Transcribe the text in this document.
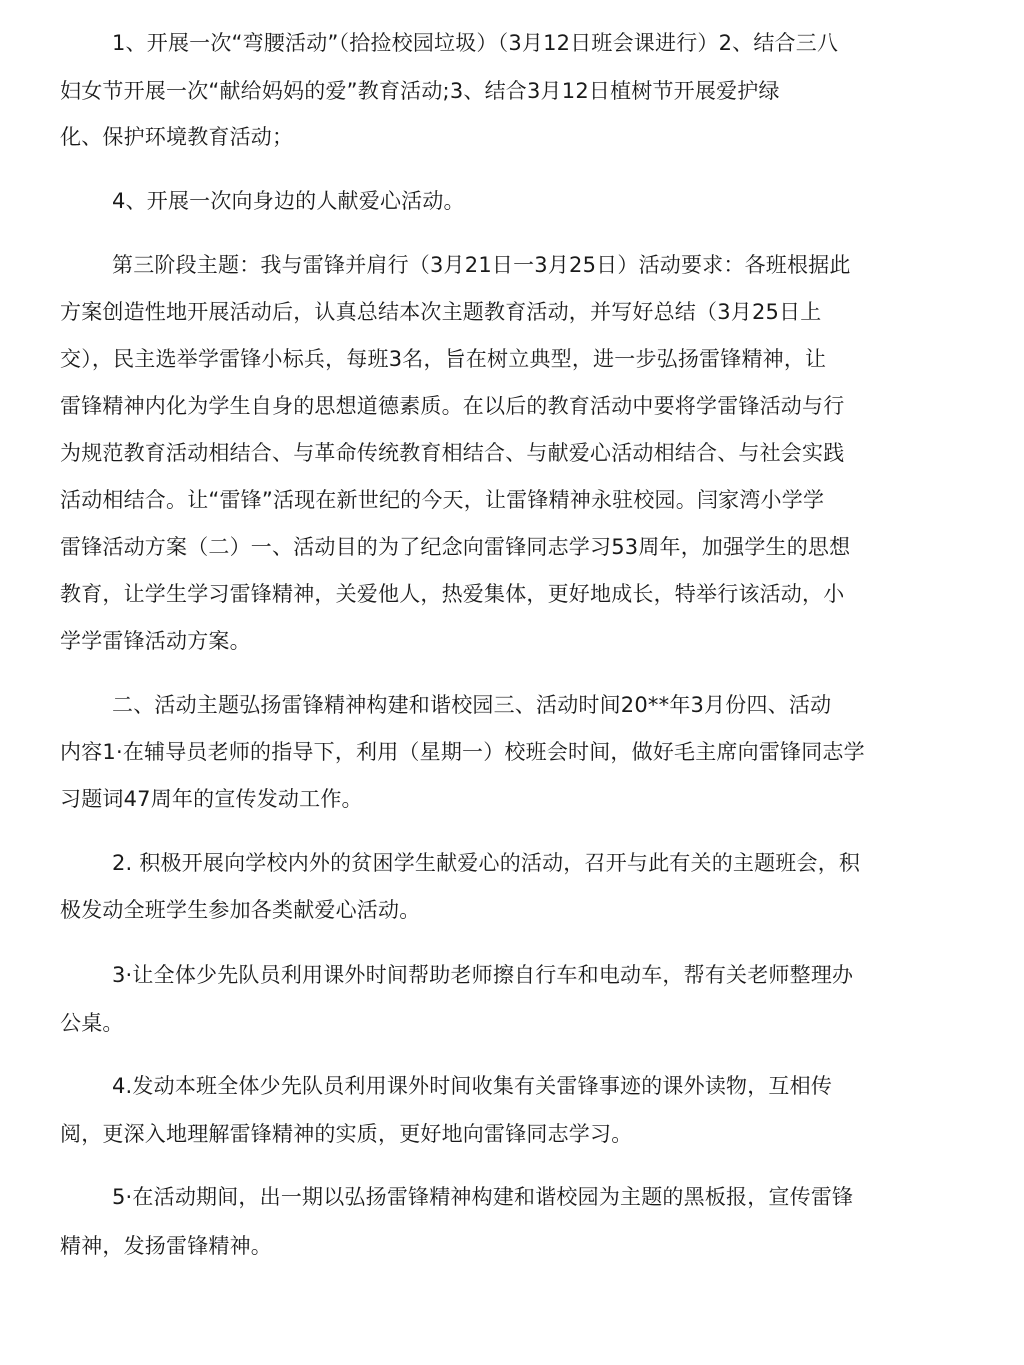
1、开展一次“弯腰活动”（拾捡校园垃圾）（3月12日班会课进行）2、结合三八
妇女节开展一次“献给妈妈的爱”教育活动;3、结合3月12日植树节开展爱护绿
化、保护环境教育活动；
4、开展一次向身边的人献爱心活动。
第三阶段主题：我与雷锋并肩行（3月21日一3月25日）活动要求：各班根据此
方案创造性地开展活动后，认真总结本次主题教育活动，并写好总结（3月25日上
交），民主选举学雷锋小标兵，每班3名，旨在树立典型，进一步弘扬雷锋精神，让
雷锋精神内化为学生自身的思想道德素质。在以后的教育活动中要将学雷锋活动与行
为规范教育活动相结合、与革命传统教育相结合、与献爱心活动相结合、与社会实践
活动相结合。让“雷锋”活现在新世纪的今天，让雷锋精神永驻校园。闫家湾小学学
雷锋活动方案（二）一、活动目的为了纪念向雷锋同志学习53周年，加强学生的思想
教育，让学生学习雷锋精神，关爱他人，热爱集体，更好地成长，特举行该活动，小
学学雷锋活动方案。
二、活动主题弘扬雷锋精神构建和谐校园三、活动时间20**年3月份四、活动
内容1·在辅导员老师的指导下，利用（星期一）校班会时间，做好毛主席向雷锋同志学
习题词47周年的宣传发动工作。
2. 积极开展向学校内外的贫困学生献爱心的活动，召开与此有关的主题班会，积
极发动全班学生参加各类献爱心活动。
3·让全体少先队员利用课外时间帮助老师擦自行车和电动车，帮有关老师整理办
公桌。
4.发动本班全体少先队员利用课外时间收集有关雷锋事迹的课外读物，互相传
阅，更深入地理解雷锋精神的实质，更好地向雷锋同志学习。
5·在活动期间，出一期以弘扬雷锋精神构建和谐校园为主题的黑板报，宣传雷锋
精神，发扬雷锋精神。
